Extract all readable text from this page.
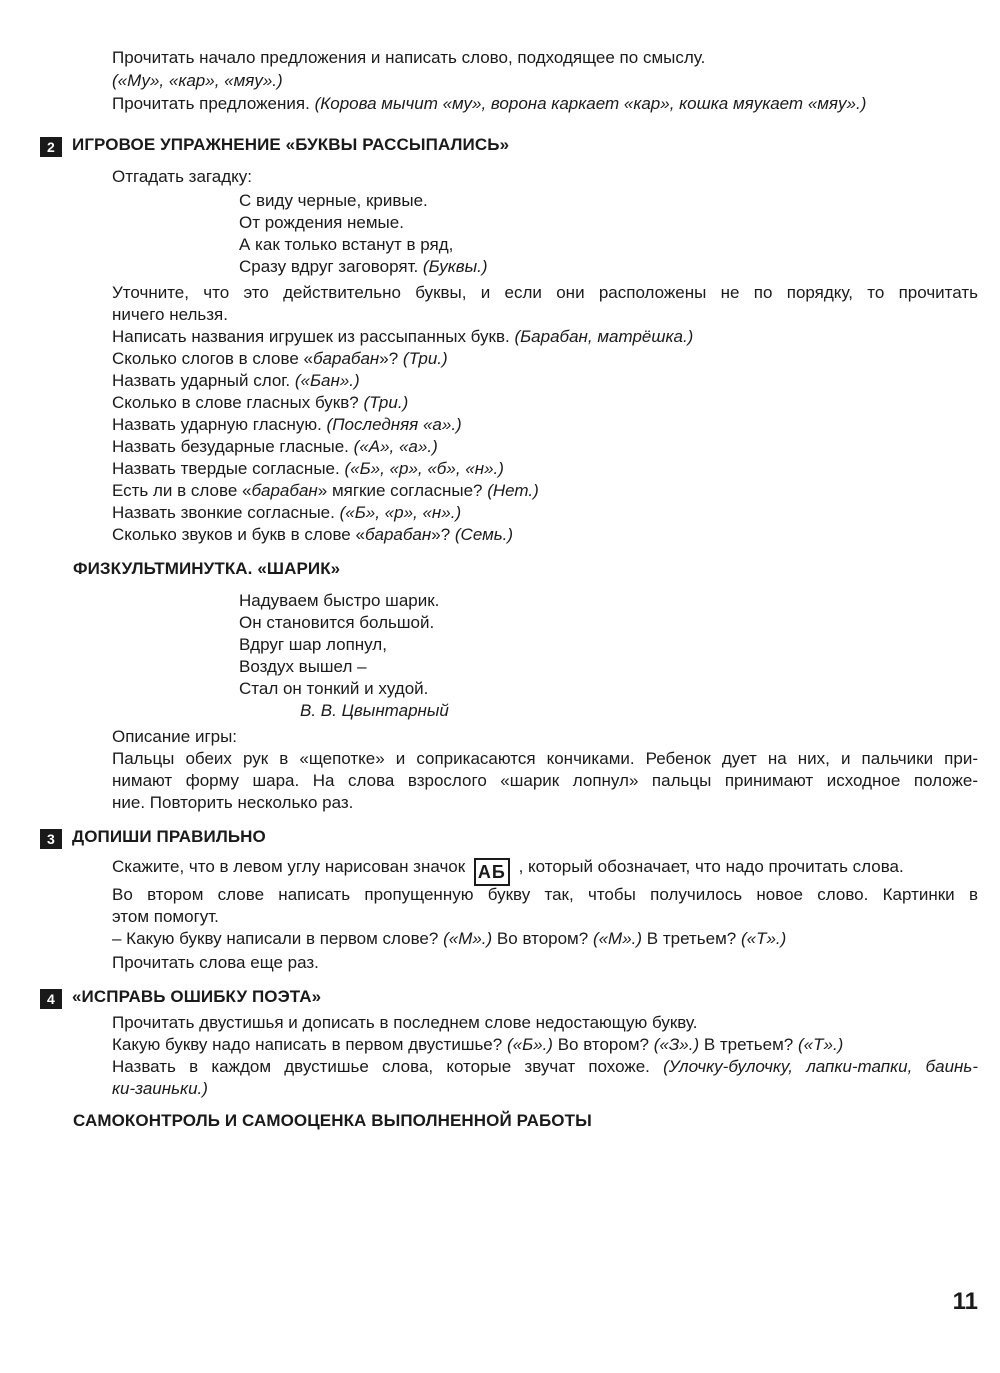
Прочитать начало предложения и написать слово, подходящее по смыслу.
(«Му», «кар», «мяу».)
Прочитать предложения. (Корова мычит «му», ворона каркает «кар», кошка мяукает «мяу».)
2 ИГРОВОЕ УПРАЖНЕНИЕ «БУКВЫ РАССЫПАЛИСЬ»
Отгадать загадку:
С виду черные, кривые.
От рождения немые.
А как только встанут в ряд,
Сразу вдруг заговорят. (Буквы.)
Уточните, что это действительно буквы, и если они расположены не по порядку, то прочитать
ничего нельзя.
Написать названия игрушек из рассыпанных букв. (Барабан, матрёшка.)
Сколько слогов в слове «барабан»? (Три.)
Назвать ударный слог. («Бан».)
Сколько в слове гласных букв? (Три.)
Назвать ударную гласную. (Последняя «а».)
Назвать безударные гласные. («А», «а».)
Назвать твердые согласные. («Б», «р», «б», «н».)
Есть ли в слове «барабан» мягкие согласные? (Нет.)
Назвать звонкие согласные. («Б», «р», «н».)
Сколько звуков и букв в слове «барабан»? (Семь.)
ФИЗКУЛЬТМИНУТКА. «ШАРИК»
Надуваем быстро шарик.
Он становится большой.
Вдруг шар лопнул,
Воздух вышел –
Стал он тонкий и худой.
В. В. Цвынтарный
Описание игры:
Пальцы обеих рук в «щепотке» и соприкасаются кончиками. Ребенок дует на них, и пальчики при-
нимают форму шара. На слова взрослого «шарик лопнул» пальцы принимают исходное положе-
ние. Повторить несколько раз.
3 ДОПИШИ ПРАВИЛЬНО
Скажите, что в левом углу нарисован значок АБ , который обозначает, что надо прочитать слова.
Во втором слове написать пропущенную букву так, чтобы получилось новое слово. Картинки в
этом помогут.
– Какую букву написали в первом слове? («М».) Во втором? («М».) В третьем? («Т».)
Прочитать слова еще раз.
4 «ИСПРАВЬ ОШИБКУ ПОЭТА»
Прочитать двустишья и дописать в последнем слове недостающую букву.
Какую букву надо написать в первом двустишье? («Б».) Во втором? («З».) В третьем? («Т».)
Назвать в каждом двустишье слова, которые звучат похоже. (Улочку-булочку, лапки-тапки, баинь-
ки-заиньки.)
САМОКОНТРОЛЬ И САМООЦЕНКА ВЫПОЛНЕННОЙ РАБОТЫ
11
